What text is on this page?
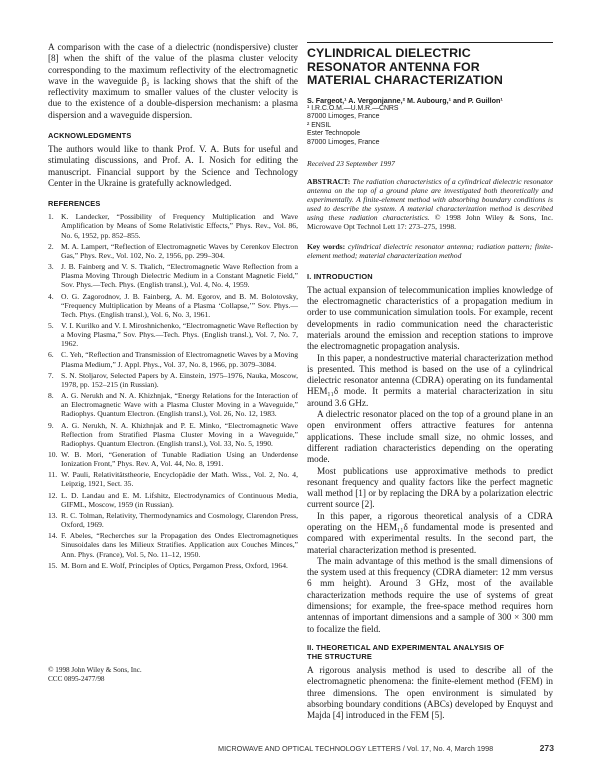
A comparison with the case of a dielectric (nondispersive) cluster [8] when the shift of the value of the plasma cluster velocity corresponding to the maximum reflectivity of the electromagnetic wave in the waveguide β₂ is lacking shows that the shift of the reflectivity maximum to smaller values of the cluster velocity is due to the existence of a double-dispersion mechanism: a plasma dispersion and a waveguide dispersion.

ACKNOWLEDGMENTS

The authors would like to thank Prof. V. A. Buts for useful and stimulating discussions, and Prof. A. I. Nosich for editing the manuscript. Financial support by the Science and Technology Center in the Ukraine is gratefully acknowledged.

REFERENCES
1. K. Landecker, “Possibility of Frequency Multiplication and Wave Amplification by Means of Some Relativistic Effects,” Phys. Rev., Vol. 86, No. 6, 1952, pp. 852–855.
2. M. A. Lampert, “Reflection of Electromagnetic Waves by Cerenkov Electron Gas,” Phys. Rev., Vol. 102, No. 2, 1956, pp. 299–304.
3. J. B. Fainberg and V. S. Tkalich, “Electromagnetic Wave Reflection from a Plasma Moving Through Dielectric Medium in a Constant Magnetic Field,” Sov. Phys.—Tech. Phys. (English transl.), Vol. 4, No. 4, 1959.
4. O. G. Zagorodnov, J. B. Fainberg, A. M. Egorov, and B. M. Bolotovsky, “Frequency Multiplication by Means of a Plasma ‘Collapse,’” Sov. Phys.—Tech. Phys. (English transl.), Vol. 6, No. 3, 1961.
5. V. I. Kurilko and V. I. Miroshnichenko, “Electromagnetic Wave Reflection by a Moving Plasma,” Sov. Phys.—Tech. Phys. (English transl.), Vol. 7, No. 7, 1962.
6. C. Yeh, “Reflection and Transmission of Electromagnetic Waves by a Moving Plasma Medium,” J. Appl. Phys., Vol. 37, No. 8, 1966, pp. 3079–3084.
7. S. N. Stoljarov, Selected Papers by A. Einstein, 1975–1976, Nauka, Moscow, 1978, pp. 152–215 (in Russian).
8. A. G. Nerukh and N. A. Khizhnjak, “Energy Relations for the Interaction of an Electromagnetic Wave with a Plasma Cluster Moving in a Waveguide,” Radiophys. Quantum Electron. (English transl.), Vol. 26, No. 12, 1983.
9. A. G. Nerukh, N. A. Khizhnjak and P. E. Minko, “Electromagnetic Wave Reflection from Stratified Plasma Cluster Moving in a Waveguide,” Radiophys. Quantum Electron. (English transl.), Vol. 33, No. 5, 1990.
10. W. B. Mori, “Generation of Tunable Radiation Using an Underdense Ionization Front,” Phys. Rev. A, Vol. 44, No. 8, 1991.
11. W. Pauli, Relativitätstheorie, Encyclopädie der Math. Wiss., Vol. 2, No. 4, Leipzig, 1921, Sect. 35.
12. L. D. Landau and E. M. Lifshitz, Electrodynamics of Continuous Media, GIFML, Moscow, 1959 (in Russian).
13. R. C. Tolman, Relativity, Thermodynamics and Cosmology, Clarendon Press, Oxford, 1969.
14. F. Abeles, “Recherches sur la Propagation des Ondes Electromagnetiques Sinusoidales dans les Milieux Stratifies. Application aux Couches Minces,” Ann. Phys. (France), Vol. 5, No. 11–12, 1950.
15. M. Born and E. Wolf, Principles of Optics, Pergamon Press, Oxford, 1964.
© 1998 John Wiley & Sons, Inc.
CCC 0895-2477/98
CYLINDRICAL DIELECTRIC
RESONATOR ANTENNA FOR
MATERIAL CHARACTERIZATION
S. Fargeot,¹ A. Vergonjanne,² M. Aubourg,¹ and P. Guillon¹
¹ I.R.C.O.M.—U.M.R.—CNRS
87000 Limoges, France
² ENSIL
Ester Technopole
87000 Limoges, France
Received 23 September 1997

ABSTRACT: The radiation characteristics of a cylindrical dielectric resonator antenna on the top of a ground plane are investigated both theoretically and experimentally. A finite-element method with absorbing boundary conditions is used to describe the system. A material characterization method is described using these radiation characteristics. © 1998 John Wiley & Sons, Inc. Microwave Opt Technol Lett 17: 273–275, 1998.

Key words: cylindrical dielectric resonator antenna; radiation pattern; finite-element method; material characterization method

I. INTRODUCTION

The actual expansion of telecommunication implies knowledge of the electromagnetic characteristics of a propagation medium in order to use communication simulation tools. For example, recent developments in radio communication need the characteristic materials around the emission and reception stations to improve the electromagnetic propagation analysis.

In this paper, a nondestructive material characterization method is presented. This method is based on the use of a cylindrical dielectric resonator antenna (CDRA) operating on its fundamental HEM₁₁δ mode. It permits a material characterization in situ around 3.6 GHz.

A dielectric resonator placed on the top of a ground plane in an open environment offers attractive features for antenna applications. These include small size, no ohmic losses, and different radiation characteristics depending on the operating mode.

Most publications use approximative methods to predict resonant frequency and quality factors like the perfect magnetic wall method [1] or by replacing the DRA by a polarization electric current source [2].

In this paper, a rigorous theoretical analysis of a CDRA operating on the HEM₁₁δ fundamental mode is presented and compared with experimental results. In the second part, the material characterization method is presented.

The main advantage of this method is the small dimensions of the system used at this frequency (CDRA diameter: 12 mm versus 6 mm height). Around 3 GHz, most of the available characterization methods require the use of systems of great dimensions; for example, the free-space method requires horn antennas of important dimensions and a sample of 300 × 300 mm to focalize the field.

II. THEORETICAL AND EXPERIMENTAL ANALYSIS OF
THE STRUCTURE

A rigorous analysis method is used to describe all of the electromagnetic phenomena: the finite-element method (FEM) in three dimensions. The open environment is simulated by absorbing boundary conditions (ABCs) developed by Enquyst and Majda [4] introduced in the FEM [5].

MICROWAVE AND OPTICAL TECHNOLOGY LETTERS / Vol. 17, No. 4, March 1998	273
